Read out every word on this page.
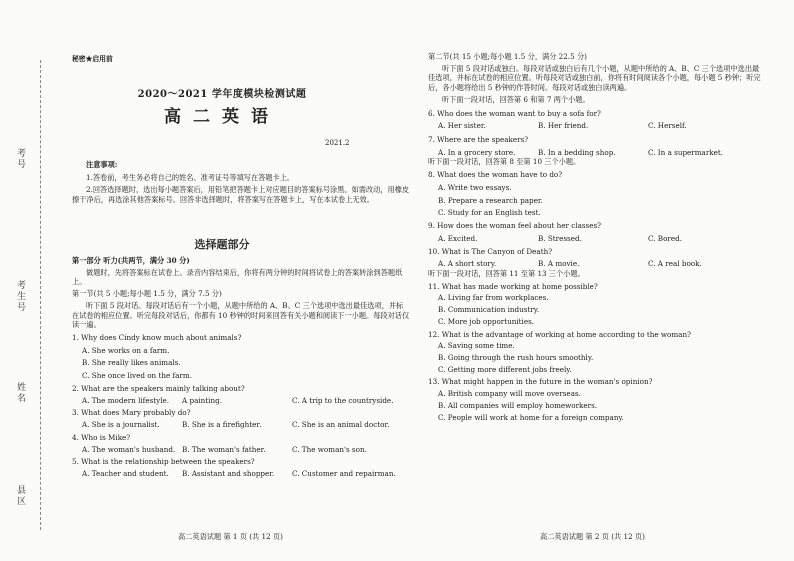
考号
考生号
姓名
县区
秘密★启用前
2020～2021 学年度模块检测试题
高二英语
2021.2

注意事项:

1.答卷前，考生务必将自己的姓名、准考证号等填写在答题卡上。

2.回答选择题时，选出每小题答案后，用铅笔把答题卡上对应题目的答案标号涂黑。如需改动，用橡皮擦干净后，再选涂其他答案标号。回答非选择题时，将答案写在答题卡上，写在本试卷上无效。

选择题部分

第一部分 听力(共两节，满分 30 分)

做题时，先将答案标在试卷上。录音内容结束后，你将有两分钟的时间将试卷上的答案转涂到答题纸上。

第一节(共 5 小题;每小题 1.5 分，满分 7.5 分)

听下面 5 段对话。每段对话后有一个小题，从题中所给的 A、B、C 三个选项中选出最佳选项，并标在试卷的相应位置。听完每段对话后，你都有 10 秒钟的时间来回答有关小题和阅读下一小题。每段对话仅读一遍。

1. Why does Cindy know much about animals?

A. She works on a farm.

B. She really likes animals.

C. She once lived on the farm.

2. What are the speakers mainly talking about?

A. The modern lifestyle.	A painting.	C. A trip to the countryside.

3. What does Mary probably do?

A. She is a journalist.	B. She is a firefighter.	C. She is an animal doctor.

4. Who is Mike?

A. The woman's husband. B. The woman's father.	C. The woman's son.

5. What is the relationship between the speakers?

A. Teacher and student.	B. Assistant and shopper.	C. Customer and repairman.
高二英语试题 第 1 页 (共 12 页)

第二节(共 15 小题;每小题 1.5 分，满分 22.5 分)

听下面 5 段对话或独白。每段对话或独白后有几个小题，从题中所给的 A、B、C 三个选项中选出最佳选项，并标在试卷的相应位置。听每段对话或独白前，你将有时间阅读各个小题，每小题 5 秒钟；听完后，各小题将给出 5 秒钟的作答时间。每段对话或独白读两遍。

听下面一段对话，回答第 6 和第 7 两个小题。

6. Who does the woman want to buy a sofa for?

A. Her sister.	B. Her friend.	C. Herself.

7. Where are the speakers?

A. In a grocery store.	B. In a bedding shop.	C. In a supermarket.

听下面一段对话，回答第 8 至第 10 三个小题。

8. What does the woman have to do?

A. Write two essays.

B. Prepare a research paper.

C. Study for an English test.

9. How does the woman feel about her classes?

A. Excited.	B. Stressed.	C. Bored.

10. What is The Canyon of Death?

A. A short story.	B. A movie.	C. A real book.

听下面一段对话，回答第 11 至第 13 三个小题。

11. What has made working at home possible?

A. Living far from workplaces.

B. Communication industry.

C. More job opportunities.

12. What is the advantage of working at home according to the woman?

A. Saving some time.

B. Going through the rush hours smoothly.

C. Getting more different jobs freely.

13. What might happen in the future in the woman's opinion?

A. British company will move overseas.

B. All companies will employ homeworkers.

C. People will work at home for a foreign company.

高二英语试题 第 2 页 (共 12 页)
